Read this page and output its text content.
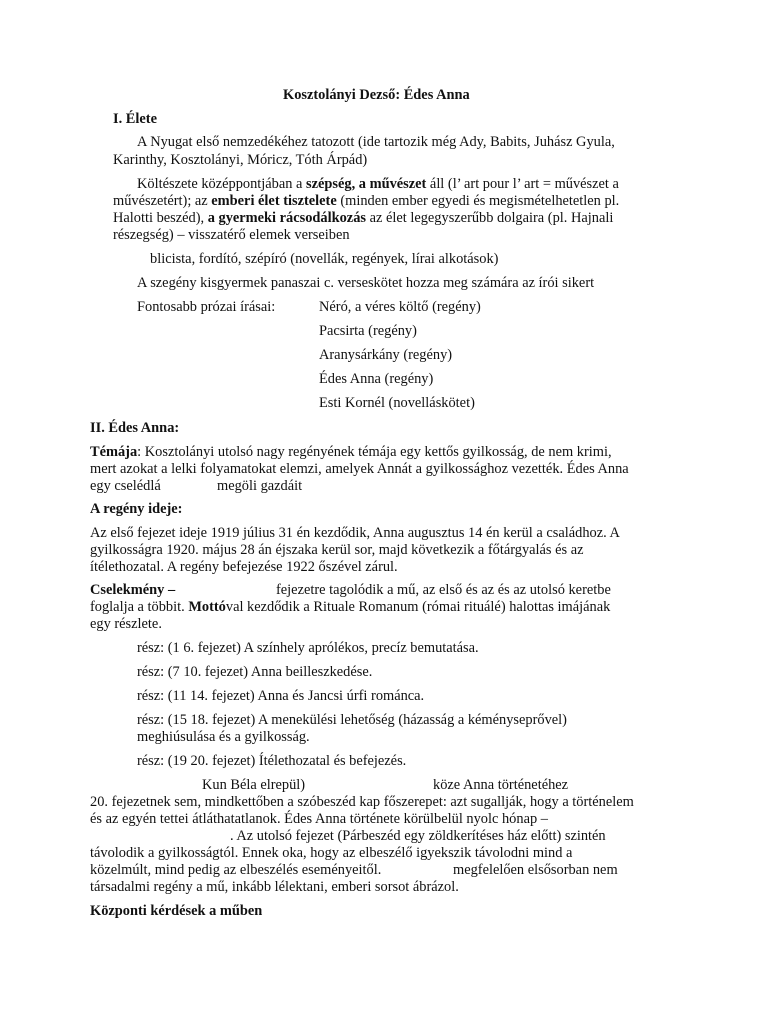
Kosztolányi Dezső: Édes Anna
I. Élete
A Nyugat első nemzedékéhez tatozott (ide tartozik még Ady, Babits, Juhász Gyula,
Karinthy, Kosztolányi, Móricz, Tóth Árpád)
Költészete középpontjában a szépség, a művészet áll (l’ art pour l’ art = művészet a
művészetért); az emberi élet tisztelete (minden ember egyedi és megismételhetetlen pl.
Halotti beszéd), a gyermeki rácsodálkozás az élet legegyszerűbb dolgaira (pl. Hajnali
részegség) – visszatérő elemek verseiben
blicista, fordító, szépíró (novellák, regények, lírai alkotások)
A szegény kisgyermek panaszai c. verseskötet hozza meg számára az írói sikert
Fontosabb prózai írásai:	Néró, a véres költő (regény)
Pacsirta (regény)
Aranysárkány (regény)
Édes Anna (regény)
Esti Kornél (novelláskötet)
II. Édes Anna:
Témája: Kosztolányi utolsó nagy regényének témája egy kettős gyilkosság, de nem krimi,
mert azokat a lelki folyamatokat elemzi, amelyek Annát a gyilkossághoz vezették. Édes Anna
egy cselédlá	megöli gazdáit
A regény ideje:
Az első fejezet ideje 1919 július 31 én kezdődik, Anna augusztus 14 én kerül a családhoz. A
gyilkosságra 1920. május 28 án éjszaka kerül sor, majd következik a főtárgyalás és az
ítélethozatal. A regény befejezése 1922 őszével zárul.
Cselekmény –	fejezetre tagolódik a mű, az első és az és az utolsó keretbe
foglalja a többit. Mottóval kezdődik a Rituale Romanum (római rituálé) halottas imájának
egy részlete.
rész: (1 6. fejezet) A színhely aprólékos, precíz bemutatása.
rész: (7 10. fejezet) Anna beilleszkedése.
rész: (11 14. fejezet) Anna és Jancsi úrfi románca.
rész: (15 18. fejezet) A menekülési lehetőség (házasság a kéményseprővel)
meghiúsulása és a gyilkosság.
rész: (19 20. fejezet) Ítélethozatal és befejezés.
Kun Béla elrepül)	köze Anna történetéhez
20. fejezetnek sem, mindkettőben a szóbeszéd kap főszerepet: azt sugallják, hogy a történelem
és az egyén tettei átláthatatlanok. Édes Anna története körülbelül nyolc hónap –
. Az utolsó fejezet (Párbeszéd egy zöldkerítéses ház előtt) szintén
távolodik a gyilkosságtól. Ennek oka, hogy az elbeszélő igyekszik távolodni mind a
közelmúlt, mind pedig az elbeszélés eseményeitől.	megfelelően elsősorban nem
társadalmi regény a mű, inkább lélektani, emberi sorsot ábrázol.
Központi kérdések a műben
